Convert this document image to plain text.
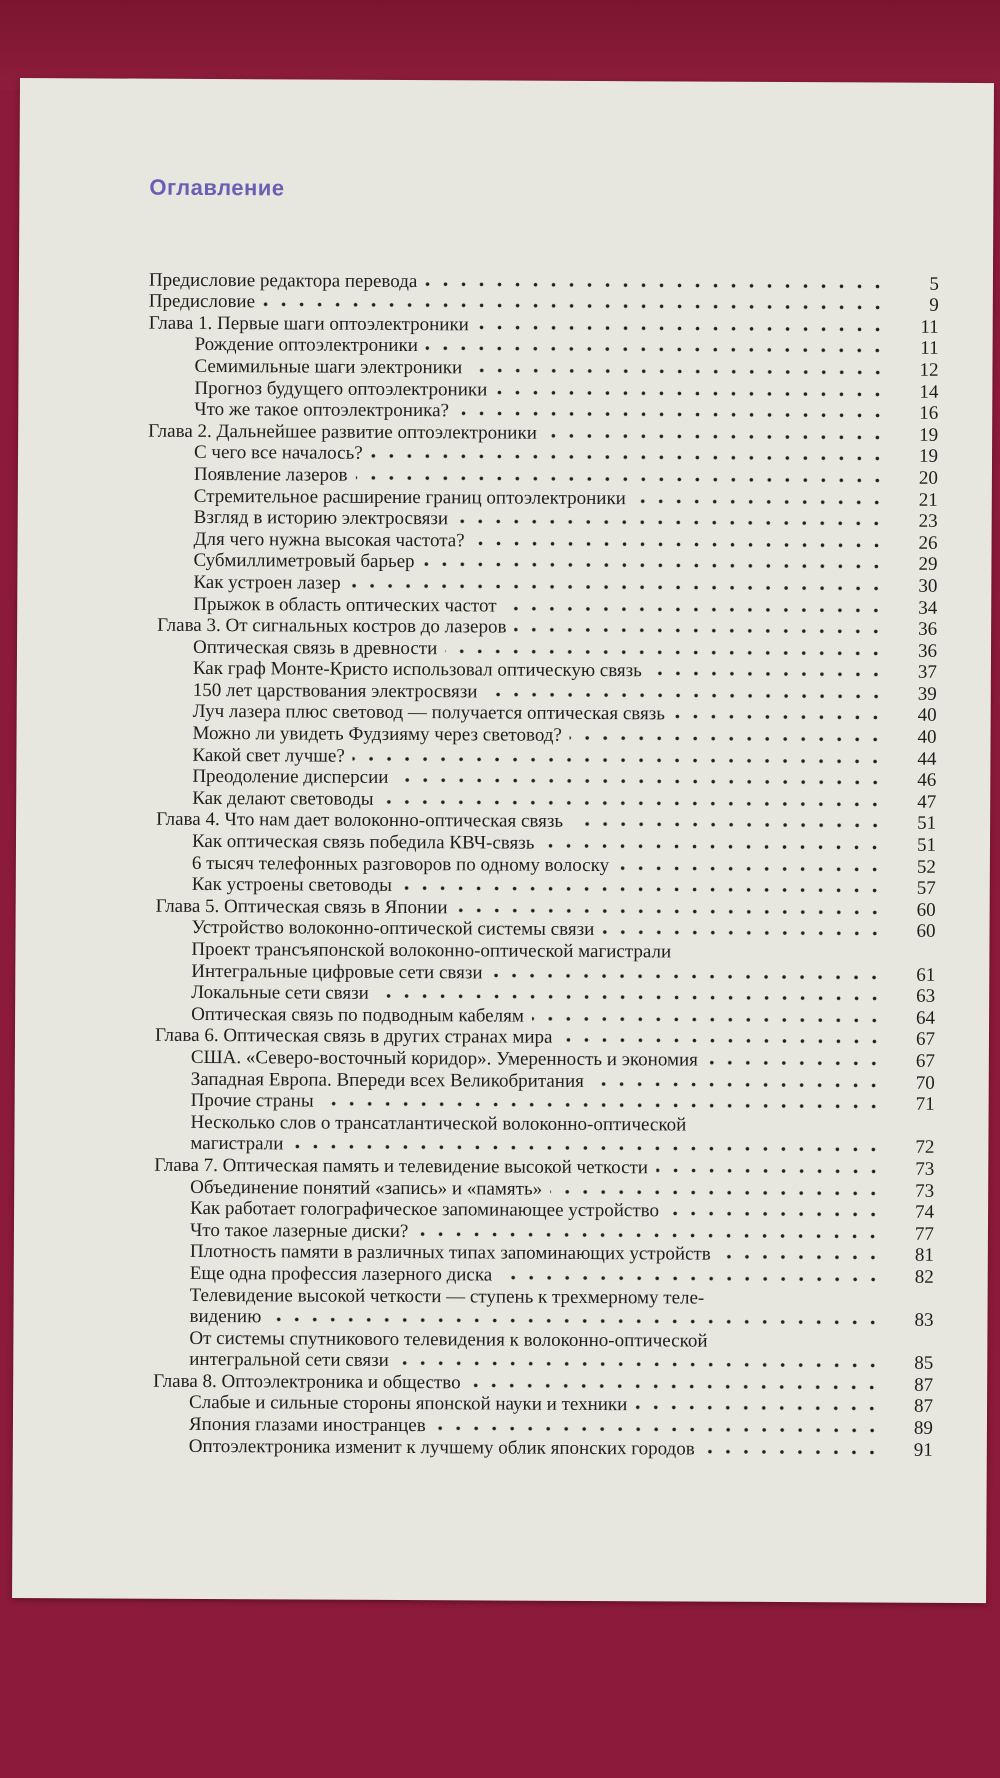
Оглавление
Предисловие редактора перевода	5
Предисловие	9
Глава 1. Первые шаги оптоэлектроники	11
Рождение оптоэлектроники	11
Семимильные шаги электроники	12
Прогноз будущего оптоэлектроники	14
Что же такое оптоэлектроника?	16
Глава 2. Дальнейшее развитие оптоэлектроники	19
С чего все началось?	19
Появление лазеров	20
Стремительное расширение границ оптоэлектроники	21
Взгляд в историю электросвязи	23
Для чего нужна высокая частота?	26
Субмиллиметровый барьер	29
Как устроен лазер	30
Прыжок в область оптических частот	34
Глава 3. От сигнальных костров до лазеров	36
Оптическая связь в древности	36
Как граф Монте-Кристо использовал оптическую связь	37
150 лет царствования электросвязи	39
Луч лазера плюс световод — получается оптическая связь	40
Можно ли увидеть Фудзияму через световод?	40
Какой свет лучше?	44
Преодоление дисперсии	46
Как делают световоды	47
Глава 4. Что нам дает волоконно-оптическая связь	51
Как оптическая связь победила КВЧ-связь	51
6 тысяч телефонных разговоров по одному волоску	52
Как устроены световоды	57
Глава 5. Оптическая связь в Японии	60
Устройство волоконно-оптической системы связи	60
Проект трансъяпонской волоконно-оптической магистрали
Интегральные цифровые сети связи	61
Локальные сети связи	63
Оптическая связь по подводным кабелям	64
Глава 6. Оптическая связь в других странах мира	67
США. «Северо-восточный коридор». Умеренность и экономия	67
Западная Европа. Впереди всех Великобритания	70
Прочие страны	71
Несколько слов о трансатлантической волоконно-оптической
магистрали	72
Глава 7. Оптическая память и телевидение высокой четкости	73
Объединение понятий «запись» и «память»	73
Как работает голографическое запоминающее устройство	74
Что такое лазерные диски?	77
Плотность памяти в различных типах запоминающих устройств	81
Еще одна профессия лазерного диска	82
Телевидение высокой четкости — ступень к трехмерному теле-
видению	83
От системы спутникового телевидения к волоконно-оптической
интегральной сети связи	85
Глава 8. Оптоэлектроника и общество	87
Слабые и сильные стороны японской науки и техники	87
Япония глазами иностранцев	89
Оптоэлектроника изменит к лучшему облик японских городов	91
